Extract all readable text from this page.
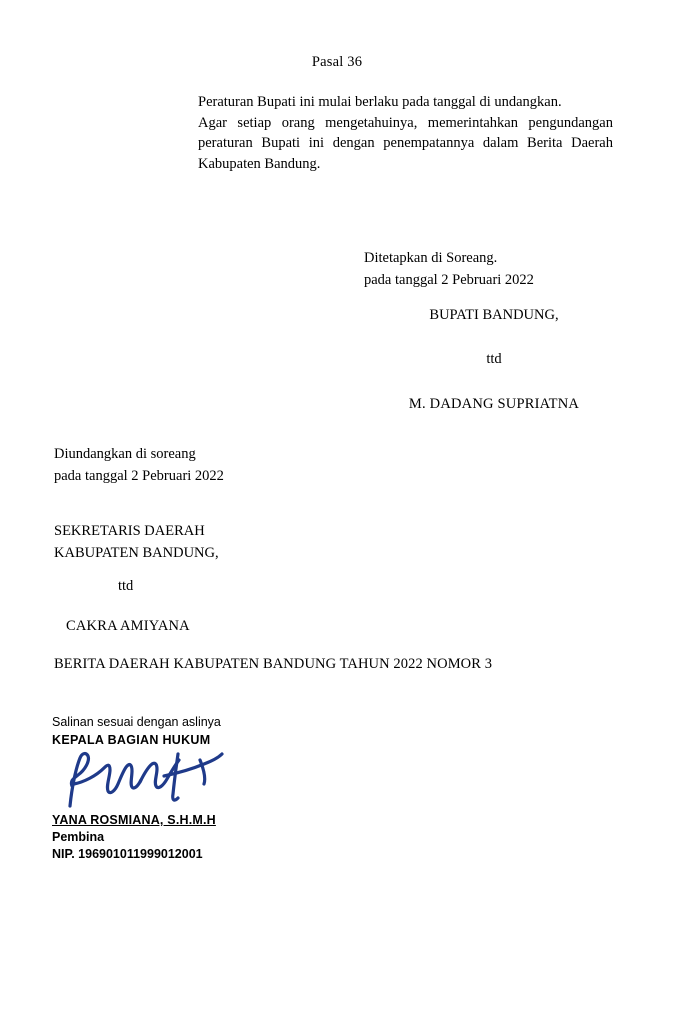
Pasal 36

Peraturan Bupati ini mulai berlaku pada tanggal di undangkan.

Agar setiap orang mengetahuinya, memerintahkan pengundangan peraturan Bupati ini dengan penempatannya dalam Berita Daerah Kabupaten Bandung.

Ditetapkan di Soreang.
pada tanggal 2 Pebruari 2022
BUPATI BANDUNG,
ttd
M. DADANG SUPRIATNA
Diundangkan di soreang
pada tanggal 2 Pebruari 2022
SEKRETARIS DAERAH
KABUPATEN BANDUNG,
ttd
CAKRA AMIYANA
BERITA DAERAH KABUPATEN BANDUNG TAHUN 2022 NOMOR 3
Salinan sesuai dengan aslinya
KEPALA BAGIAN HUKUM
YANA ROSMIANA, S.H.M.H
Pembina
NIP. 196901011999012001
